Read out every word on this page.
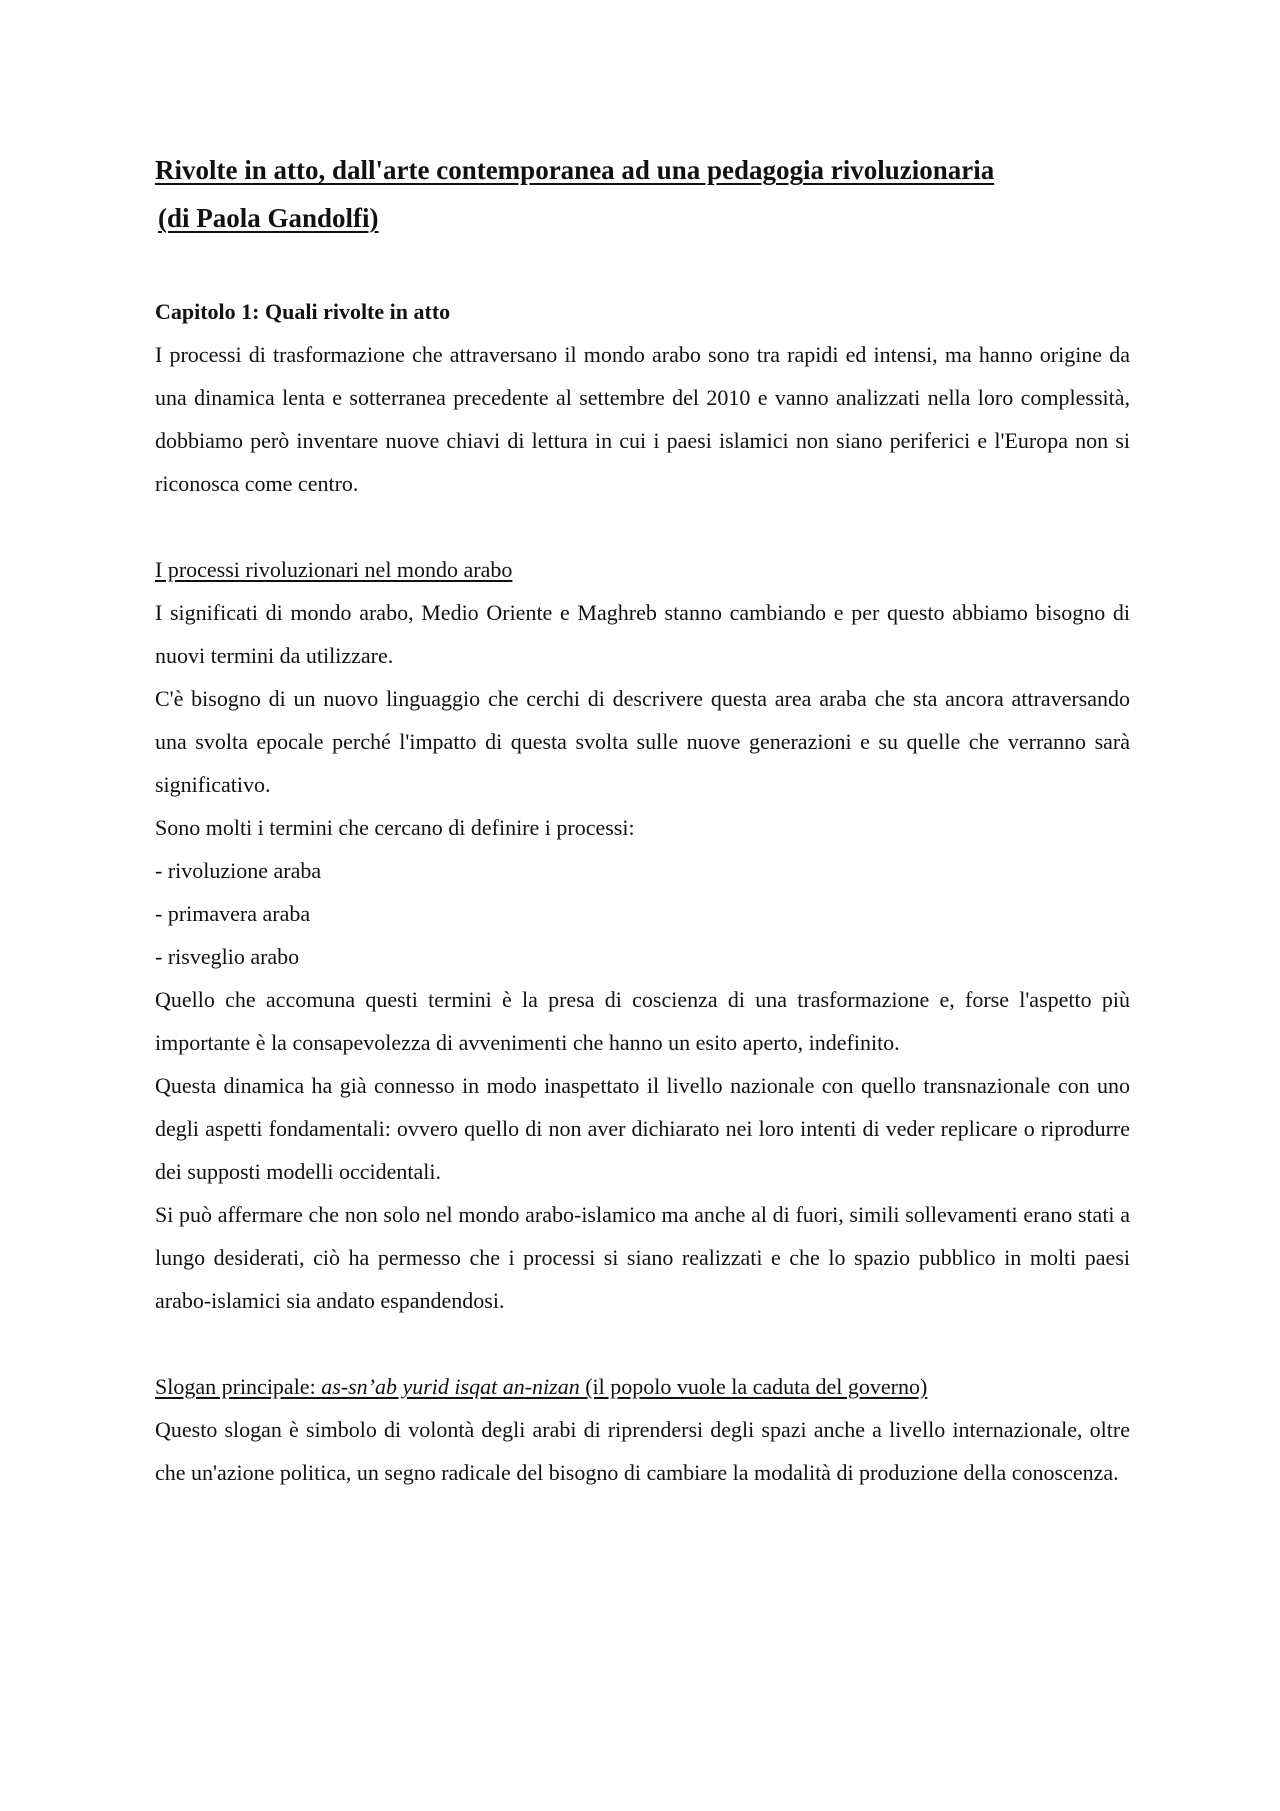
Rivolte in atto, dall'arte contemporanea ad una pedagogia rivoluzionaria
(di Paola Gandolfi)
Capitolo 1: Quali rivolte in atto

I processi di trasformazione che attraversano il mondo arabo sono tra rapidi ed intensi, ma hanno origine da una dinamica lenta e sotterranea precedente al settembre del 2010 e vanno analizzati nella loro complessità, dobbiamo però inventare nuove chiavi di lettura in cui i paesi islamici non siano periferici e l'Europa non si riconosca come centro.

I processi rivoluzionari nel mondo arabo

I significati di mondo arabo, Medio Oriente e Maghreb stanno cambiando e per questo abbiamo bisogno di nuovi termini da utilizzare.

C'è bisogno di un nuovo linguaggio che cerchi di descrivere questa area araba che sta ancora attraversando una svolta epocale perché l'impatto di questa svolta sulle nuove generazioni e su quelle che verranno sarà significativo.

Sono molti i termini che cercano di definire i processi:

- rivoluzione araba
- primavera araba
- risveglio arabo

Quello che accomuna questi termini è la presa di coscienza di una trasformazione e, forse l'aspetto più importante è la consapevolezza di avvenimenti che hanno un esito aperto, indefinito.

Questa dinamica ha già connesso in modo inaspettato il livello nazionale con quello transnazionale con uno degli aspetti fondamentali: ovvero quello di non aver dichiarato nei loro intenti di veder replicare o riprodurre dei supposti modelli occidentali.

Si può affermare che non solo nel mondo arabo-islamico ma anche al di fuori, simili sollevamenti erano stati a lungo desiderati, ciò ha permesso che i processi si siano realizzati e che lo spazio pubblico in molti paesi arabo-islamici sia andato espandendosi.

Slogan principale: as-sn’ab yurid isqat an-nizan (il popolo vuole la caduta del governo)

Questo slogan è simbolo di volontà degli arabi di riprendersi degli spazi anche a livello internazionale, oltre che un'azione politica, un segno radicale del bisogno di cambiare la modalità di produzione della conoscenza.
